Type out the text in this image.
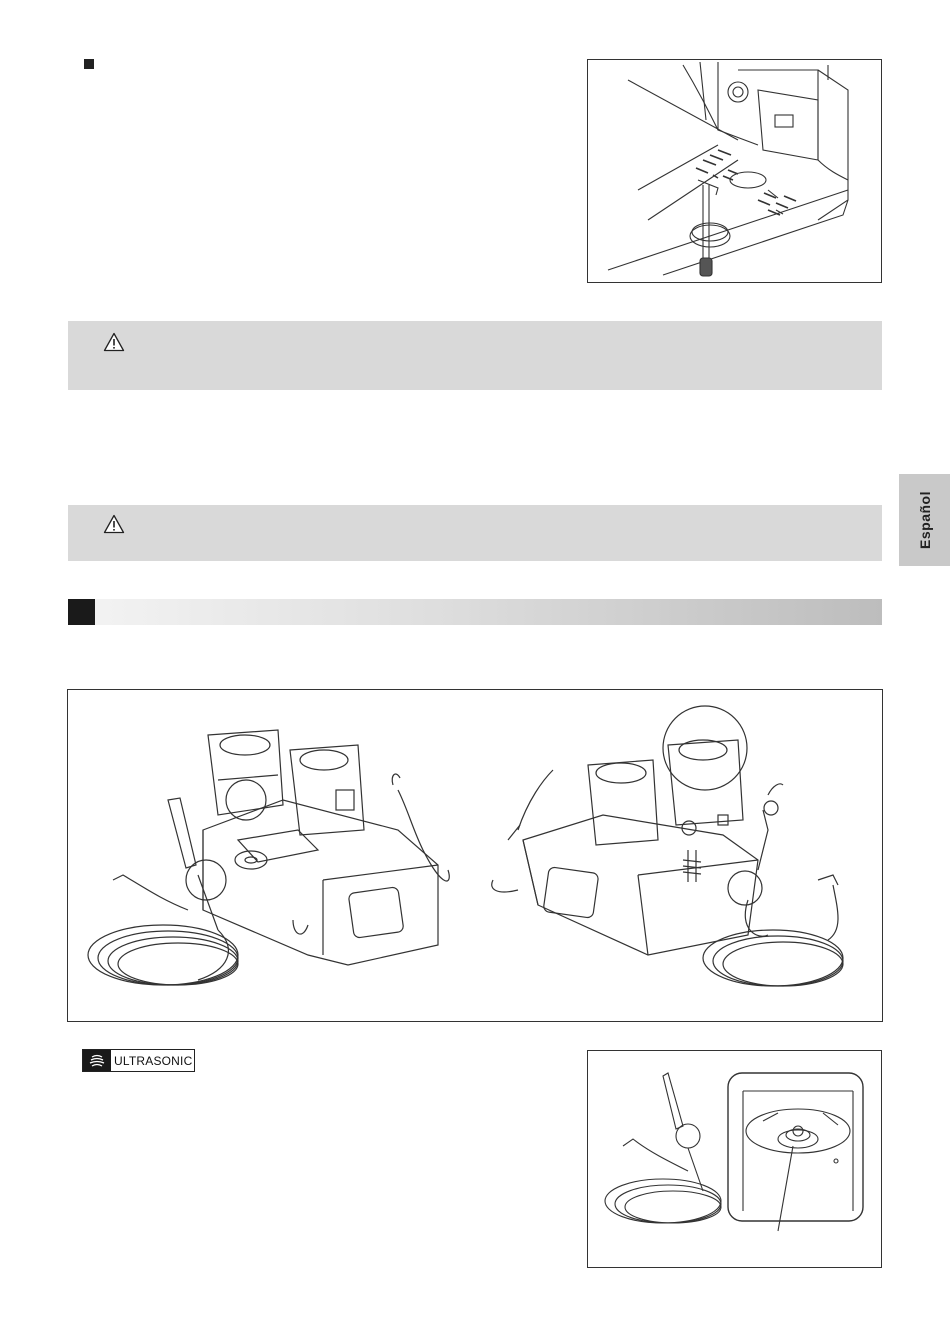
Español
ULTRASONIC
